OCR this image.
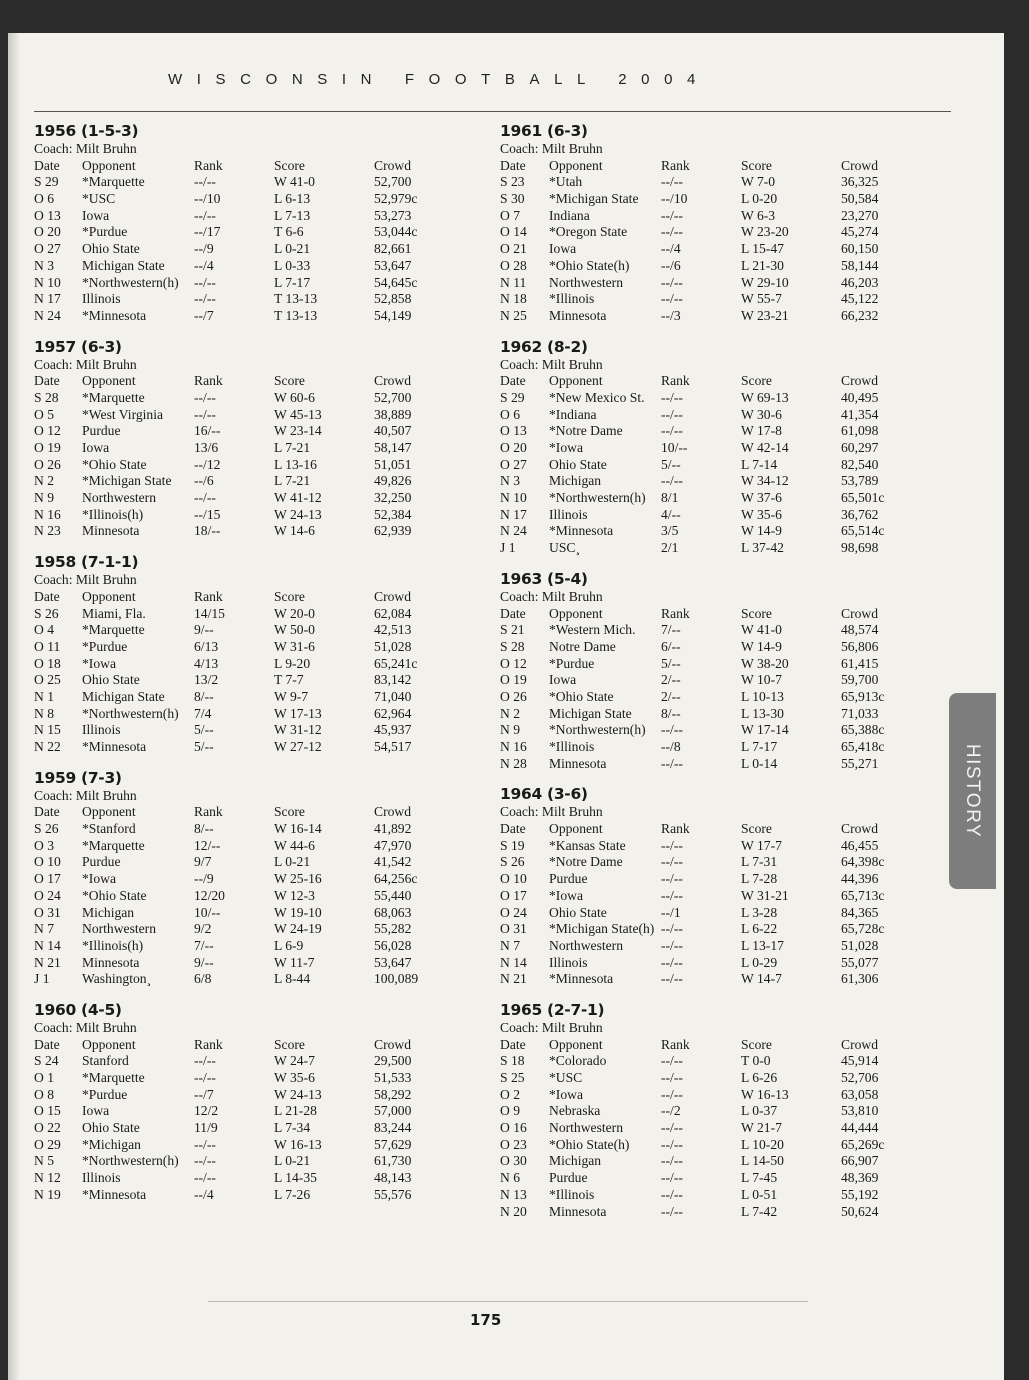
WISCONSIN FOOTBALL 2004
1956 (1-5-3)
Coach: Milt Bruhn
Date	Opponent	Rank	Score	Crowd
S 29	*Marquette	--/--	W 41-0	52,700
O 6	*USC	--/10	L 6-13	52,979c
O 13	Iowa	--/--	L 7-13	53,273
O 20	*Purdue	--/17	T 6-6	53,044c
O 27	Ohio State	--/9	L 0-21	82,661
N 3	Michigan State	--/4	L 0-33	53,647
N 10	*Northwestern(h)	--/--	L 7-17	54,645c
N 17	Illinois	--/--	T 13-13	52,858
N 24	*Minnesota	--/7	T 13-13	54,149
1957 (6-3)
Coach: Milt Bruhn
Date	Opponent	Rank	Score	Crowd
S 28	*Marquette	--/--	W 60-6	52,700
O 5	*West Virginia	--/--	W 45-13	38,889
O 12	Purdue	16/--	W 23-14	40,507
O 19	Iowa	13/6	L 7-21	58,147
O 26	*Ohio State	--/12	L 13-16	51,051
N 2	*Michigan State	--/6	L 7-21	49,826
N 9	Northwestern	--/--	W 41-12	32,250
N 16	*Illinois(h)	--/15	W 24-13	52,384
N 23	Minnesota	18/--	W 14-6	62,939
1958 (7-1-1)
Coach: Milt Bruhn
Date	Opponent	Rank	Score	Crowd
S 26	Miami, Fla.	14/15	W 20-0	62,084
O 4	*Marquette	9/--	W 50-0	42,513
O 11	*Purdue	6/13	W 31-6	51,028
O 18	*Iowa	4/13	L 9-20	65,241c
O 25	Ohio State	13/2	T 7-7	83,142
N 1	Michigan State	8/--	W 9-7	71,040
N 8	*Northwestern(h)	7/4	W 17-13	62,964
N 15	Illinois	5/--	W 31-12	45,937
N 22	*Minnesota	5/--	W 27-12	54,517
1959 (7-3)
Coach: Milt Bruhn
Date	Opponent	Rank	Score	Crowd
S 26	*Stanford	8/--	W 16-14	41,892
O 3	*Marquette	12/--	W 44-6	47,970
O 10	Purdue	9/7	L 0-21	41,542
O 17	*Iowa	--/9	W 25-16	64,256c
O 24	*Ohio State	12/20	W 12-3	55,440
O 31	Michigan	10/--	W 19-10	68,063
N 7	Northwestern	9/2	W 24-19	55,282
N 14	*Illinois(h)	7/--	L 6-9	56,028
N 21	Minnesota	9/--	W 11-7	53,647
J 1	Washington¸	6/8	L 8-44	100,089
1960 (4-5)
Coach: Milt Bruhn
Date	Opponent	Rank	Score	Crowd
S 24	Stanford	--/--	W 24-7	29,500
O 1	*Marquette	--/--	W 35-6	51,533
O 8	*Purdue	--/7	W 24-13	58,292
O 15	Iowa	12/2	L 21-28	57,000
O 22	Ohio State	11/9	L 7-34	83,244
O 29	*Michigan	--/--	W 16-13	57,629
N 5	*Northwestern(h)	--/--	L 0-21	61,730
N 12	Illinois	--/--	L 14-35	48,143
N 19	*Minnesota	--/4	L 7-26	55,576
1961 (6-3)
Coach: Milt Bruhn
Date	Opponent	Rank	Score	Crowd
S 23	*Utah	--/--	W 7-0	36,325
S 30	*Michigan State	--/10	L 0-20	50,584
O 7	Indiana	--/--	W 6-3	23,270
O 14	*Oregon State	--/--	W 23-20	45,274
O 21	Iowa	--/4	L 15-47	60,150
O 28	*Ohio State(h)	--/6	L 21-30	58,144
N 11	Northwestern	--/--	W 29-10	46,203
N 18	*Illinois	--/--	W 55-7	45,122
N 25	Minnesota	--/3	W 23-21	66,232
1962 (8-2)
Coach: Milt Bruhn
Date	Opponent	Rank	Score	Crowd
S 29	*New Mexico St.	--/--	W 69-13	40,495
O 6	*Indiana	--/--	W 30-6	41,354
O 13	*Notre Dame	--/--	W 17-8	61,098
O 20	*Iowa	10/--	W 42-14	60,297
O 27	Ohio State	5/--	L 7-14	82,540
N 3	Michigan	--/--	W 34-12	53,789
N 10	*Northwestern(h)	8/1	W 37-6	65,501c
N 17	Illinois	4/--	W 35-6	36,762
N 24	*Minnesota	3/5	W 14-9	65,514c
J 1	USC¸	2/1	L 37-42	98,698
1963 (5-4)
Coach: Milt Bruhn
Date	Opponent	Rank	Score	Crowd
S 21	*Western Mich.	7/--	W 41-0	48,574
S 28	Notre Dame	6/--	W 14-9	56,806
O 12	*Purdue	5/--	W 38-20	61,415
O 19	Iowa	2/--	W 10-7	59,700
O 26	*Ohio State	2/--	L 10-13	65,913c
N 2	Michigan State	8/--	L 13-30	71,033
N 9	*Northwestern(h)	--/--	W 17-14	65,388c
N 16	*Illinois	--/8	L 7-17	65,418c
N 28	Minnesota	--/--	L 0-14	55,271
1964 (3-6)
Coach: Milt Bruhn
Date	Opponent	Rank	Score	Crowd
S 19	*Kansas State	--/--	W 17-7	46,455
S 26	*Notre Dame	--/--	L 7-31	64,398c
O 10	Purdue	--/--	L 7-28	44,396
O 17	*Iowa	--/--	W 31-21	65,713c
O 24	Ohio State	--/1	L 3-28	84,365
O 31	*Michigan State(h) --/--	L 6-22	65,728c
N 7	Northwestern	--/--	L 13-17	51,028
N 14	Illinois	--/--	L 0-29	55,077
N 21	*Minnesota	--/--	W 14-7	61,306
1965 (2-7-1)
Coach: Milt Bruhn
Date	Opponent	Rank	Score	Crowd
S 18	*Colorado	--/--	T 0-0	45,914
S 25	*USC	--/--	L 6-26	52,706
O 2	*Iowa	--/--	W 16-13	63,058
O 9	Nebraska	--/2	L 0-37	53,810
O 16	Northwestern	--/--	W 21-7	44,444
O 23	*Ohio State(h)	--/--	L 10-20	65,269c
O 30	Michigan	--/--	L 14-50	66,907
N 6	Purdue	--/--	L 7-45	48,369
N 13	*Illinois	--/--	L 0-51	55,192
N 20	Minnesota	--/--	L 7-42	50,624
175
HISTORY
